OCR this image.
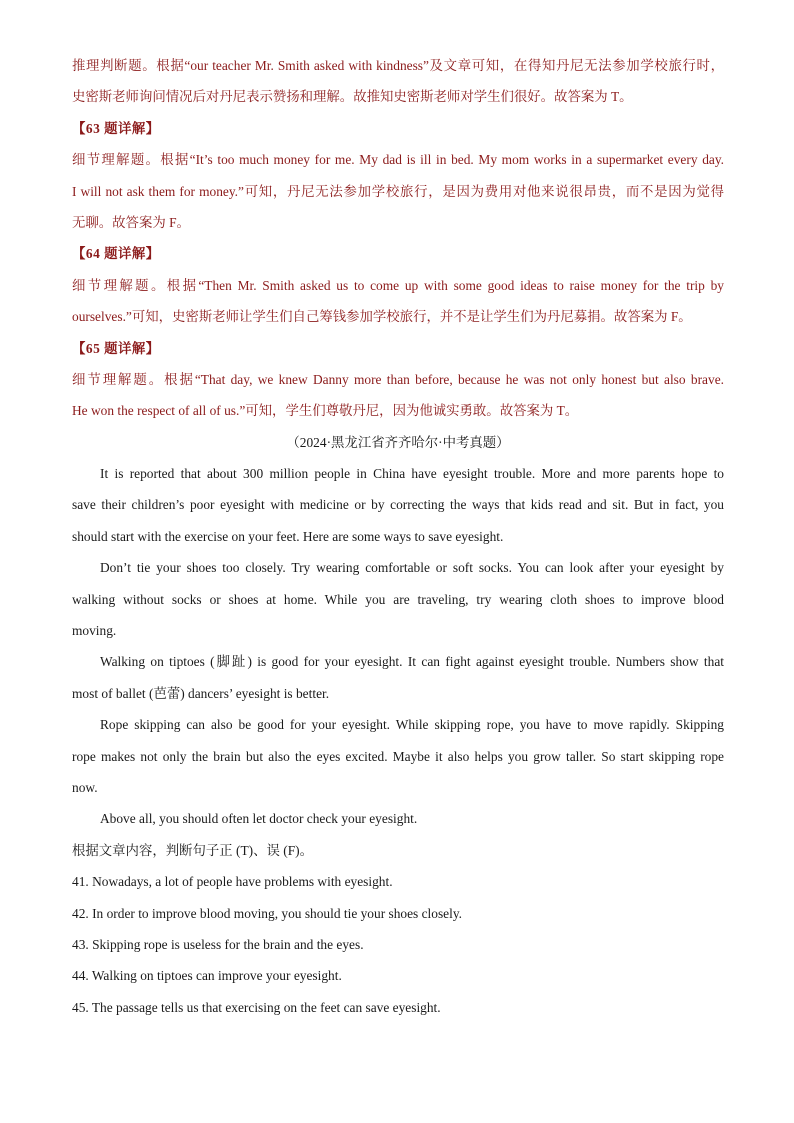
推理判断题。根据“our teacher Mr. Smith asked with kindness”及文章可知，在得知丹尼无法参加学校旅行时，
史密斯老师询问情况后对丹尼表示赞扬和理解。故推知史密斯老师对学生们很好。故答案为 T。
【63 题详解】
细节理解题。根据“It’s too much money for me. My dad is ill in bed. My mom works in a supermarket every day.
I will not ask them for money.”可知，丹尼无法参加学校旅行，是因为费用对他来说很昂贵，而不是因为觉得
无聊。故答案为 F。
【64 题详解】
细节理解题。根据“Then Mr. Smith asked us to come up with some good ideas to raise money for the trip by
ourselves.”可知，史密斯老师让学生们自己筹钱参加学校旅行，并不是让学生们为丹尼募捐。故答案为 F。
【65 题详解】
细节理解题。根据“That day, we knew Danny more than before, because he was not only honest but also brave.
He won the respect of all of us.”可知，学生们尊敬丹尼，因为他诚实勇敢。故答案为 T。
（2024·黑龙江省齐齐哈尔·中考真题）
It is reported that about 300 million people in China have eyesight trouble. More and more parents hope to
save their children’s poor eyesight with medicine or by correcting the ways that kids read and sit. But in fact, you
should start with the exercise on your feet. Here are some ways to save eyesight.
Don’t tie your shoes too closely. Try wearing comfortable or soft socks. You can look after your eyesight by
walking without socks or shoes at home. While you are traveling, try wearing cloth shoes to improve blood
moving.
Walking on tiptoes (脚趾) is good for your eyesight. It can fight against eyesight trouble. Numbers show that
most of ballet (芭蕾) dancers’ eyesight is better.
Rope skipping can also be good for your eyesight. While skipping rope, you have to move rapidly. Skipping
rope makes not only the brain but also the eyes excited. Maybe it also helps you grow taller. So start skipping rope
now.
Above all, you should often let doctor check your eyesight.
根据文章内容，判断句子正 (T)、误 (F)。
41. Nowadays, a lot of people have problems with eyesight.
42. In order to improve blood moving, you should tie your shoes closely.
43. Skipping rope is useless for the brain and the eyes.
44. Walking on tiptoes can improve your eyesight.
45. The passage tells us that exercising on the feet can save eyesight.
